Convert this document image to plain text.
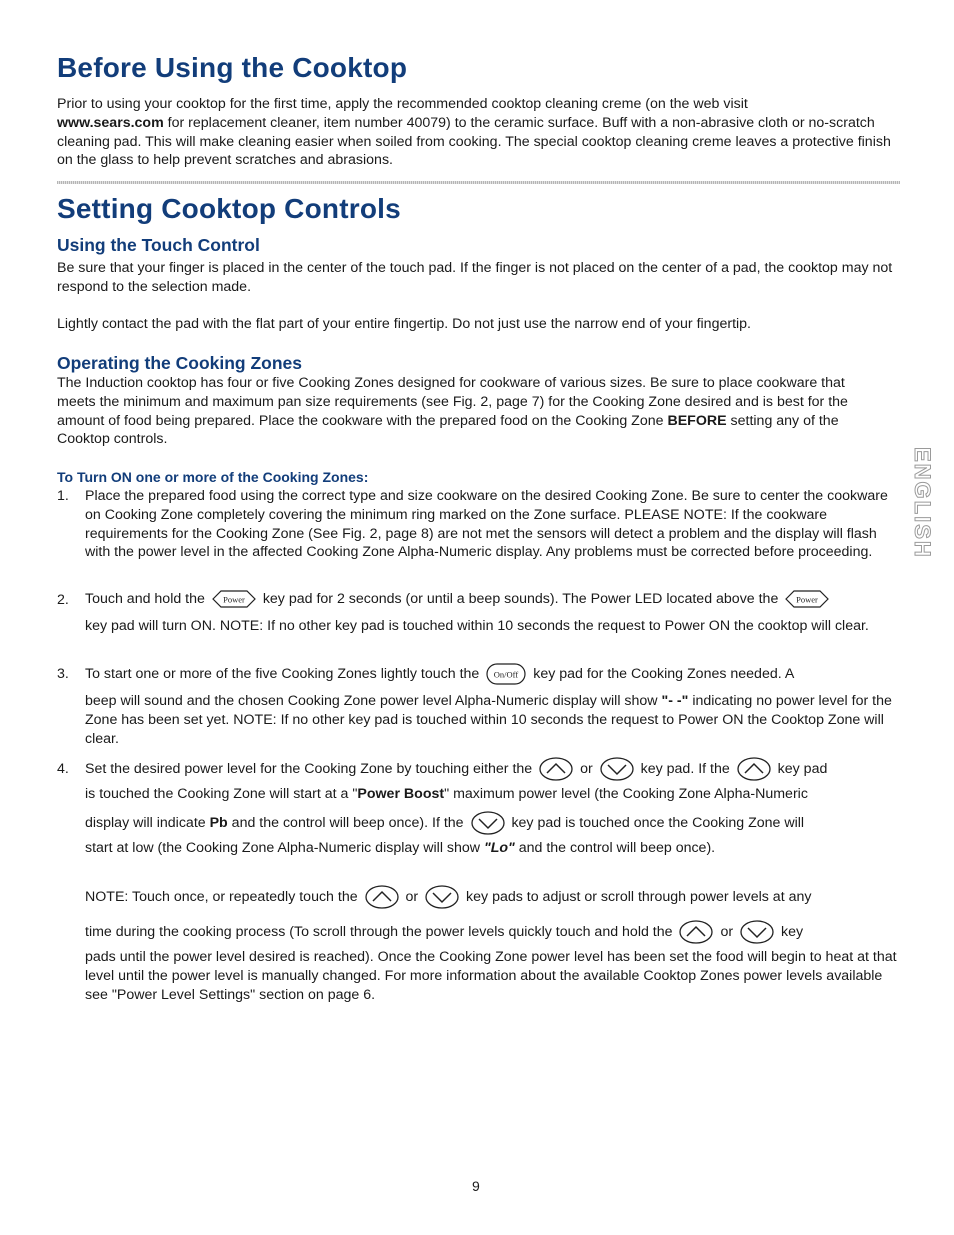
Before Using the Cooktop

Prior to using your cooktop for the first time, apply the recommended cooktop cleaning creme (on the web visit
www.sears.com for replacement cleaner, item number 40079) to the ceramic surface. Buff with a non-abrasive cloth or no-scratch cleaning pad. This will make cleaning easier when soiled from cooking. The special cooktop cleaning creme leaves a protective finish on the glass to help prevent scratches and abrasions.

Setting Cooktop Controls
Using the Touch Control

Be sure that your finger is placed in the center of the touch pad. If the finger is not placed on the center of a pad, the cooktop may not respond to the selection made.

Lightly contact the pad with the flat part of your entire fingertip. Do not just use the narrow end of your fingertip.

Operating the Cooking Zones

The Induction cooktop has four or five Cooking Zones designed for cookware of various sizes. Be sure to place cookware that meets the minimum and maximum pan size requirements (see Fig. 2, page 7) for the Cooking Zone desired and is best for the amount of food being prepared. Place the cookware with the prepared food on the Cooking Zone BEFORE setting any of the Cooktop controls.

ENGLISH
To Turn ON one or more of the Cooking Zones:
1. Place the prepared food using the correct type and size cookware on the desired Cooking Zone. Be sure to center the cookware on Cooking Zone completely covering the minimum ring marked on the Zone surface. PLEASE NOTE: If the cookware requirements for the Cooking Zone (See Fig. 2, page 8) are not met the sensors will detect a problem and the display will flash with the power level in the affected Cooking Zone Alpha-Numeric display. Any problems must be corrected before proceeding.

2. Touch and hold the Power key pad for 2 seconds (or until a beep sounds). The Power LED located above the Power

key pad will turn ON. NOTE: If no other key pad is touched within 10 seconds the request to Power ON the cooktop will clear.

3. To start one or more of the five Cooking Zones lightly touch the On/Off key pad for the Cooking Zones needed. A

beep will sound and the chosen Cooking Zone power level Alpha-Numeric display will show "- -" indicating no power level for the Zone has been set yet. NOTE: If no other key pad is touched within 10 seconds the request to Power ON the Cooktop Zone will clear.

4. Set the desired power level for the Cooking Zone by touching either the	or	key pad. If the	key pad
is touched the Cooking Zone will start at a "Power Boost" maximum power level (the Cooking Zone Alpha-Numeric
display will indicate Pb and the control will beep once). If the	key pad is touched once the Cooking Zone will
start at low (the Cooking Zone Alpha-Numeric display will show "Lo" and the control will beep once).
NOTE: Touch once, or repeatedly touch the	or	key pads to adjust or scroll through power levels at any
time during the cooking process (To scroll through the power levels quickly touch and hold the	or	key

pads until the power level desired is reached). Once the Cooking Zone power level has been set the food will begin to heat at that level until the power level is manually changed. For more information about the available Cooktop Zones power levels available see "Power Level Settings" section on page 6.

9
